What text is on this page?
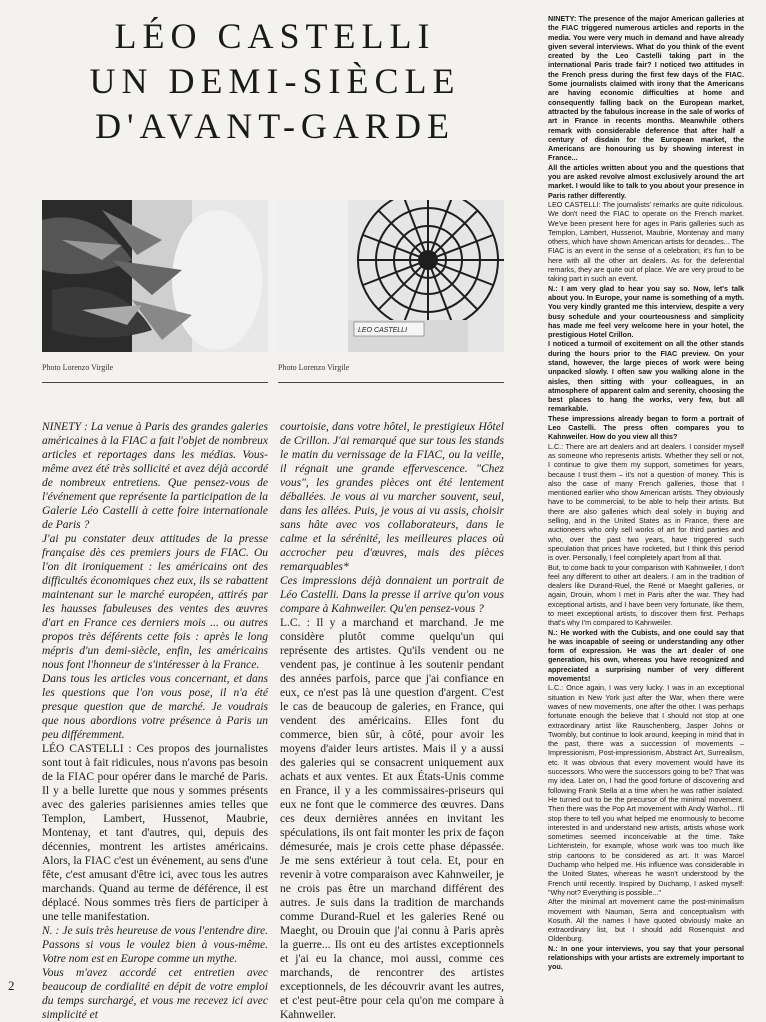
LÉO CASTELLI
UN DEMI-SIÈCLE
D'AVANT-GARDE
LEO CASTELLI
Photo Lorenzo Virgile	Photo Lorenzo Virgile

NINETY : La venue à Paris des grandes galeries américaines à la FIAC a fait l'objet de nombreux articles et reportages dans les médias. Vous-même avez été très sollicité et avez déjà accordé de nombreux entretiens. Que pensez-vous de l'événement que représente la participation de la Galerie Léo Castelli à cette foire internationale de Paris ?

J'ai pu constater deux attitudes de la presse française dès ces premiers jours de FIAC. Ou l'on dit ironiquement : les américains ont des difficultés économiques chez eux, ils se rabattent maintenant sur le marché européen, attirés par les hausses fabuleuses des ventes des œuvres d'art en France ces derniers mois ... ou autres propos très déférents cette fois : après le long mépris d'un demi-siècle, enfin, les américains nous font l'honneur de s'intéresser à la France.

Dans tous les articles vous concernant, et dans les questions que l'on vous pose, il n'a été presque question que de marché. Je voudrais que nous abordions votre présence à Paris un peu différemment.

LÉO CASTELLI : Ces propos des journalistes sont tout à fait ridicules, nous n'avons pas besoin de la FIAC pour opérer dans le marché de Paris. Il y a belle lurette que nous y sommes présents avec des galeries parisiennes amies telles que Templon, Lambert, Hussenot, Maubrie, Montenay, et tant d'autres, qui, depuis des décennies, montrent les artistes américains. Alors, la FIAC c'est un événement, au sens d'une fête, c'est amusant d'être ici, avec tous les autres marchands. Quand au terme de déférence, il est déplacé. Nous sommes très fiers de participer à une telle manifestation.

N. : Je suis très heureuse de vous l'entendre dire. Passons si vous le voulez bien à vous-même. Votre nom est en Europe comme un mythe.

Vous m'avez accordé cet entretien avec beaucoup de cordialité en dépit de votre emploi du temps surchargé, et vous me recevez ici avec simplicité et

courtoisie, dans votre hôtel, le prestigieux Hôtel de Crillon. J'ai remarqué que sur tous les stands le matin du vernissage de la FIAC, ou la veille, il régnait une grande effervescence. "Chez vous", les grandes pièces ont été lentement déballées. Je vous ai vu marcher souvent, seul, dans les allées. Puis, je vous ai vu assis, choisir sans hâte avec vos collaborateurs, dans le calme et la sérénité, les meilleures places où accrocher peu d'œuvres, mais des pièces remarquables*

Ces impressions déjà donnaient un portrait de Léo Castelli. Dans la presse il arrive qu'on vous compare à Kahnweiler. Qu'en pensez-vous ?

L.C. : Il y a marchand et marchand. Je me considère plutôt comme quelqu'un qui représente des artistes. Qu'ils vendent ou ne vendent pas, je continue à les soutenir pendant des années parfois, parce que j'ai confiance en eux, ce n'est pas là une question d'argent. C'est le cas de beaucoup de galeries, en France, qui vendent des américains. Elles font du commerce, bien sûr, à côté, pour avoir les moyens d'aider leurs artistes. Mais il y a aussi des galeries qui se consacrent uniquement aux achats et aux ventes. Et aux États-Unis comme en France, il y a les commissaires-priseurs qui eux ne font que le commerce des œuvres. Dans ces deux dernières années en invitant les spéculations, ils ont fait monter les prix de façon démesurée, mais je crois cette phase dépassée. Je me sens extérieur à tout cela. Et, pour en revenir à votre comparaison avec Kahnweiler, je ne crois pas être un marchand différent des autres. Je suis dans la tradition de marchands comme Durand-Ruel et les galeries René ou Maeght, ou Drouin que j'ai connu à Paris après la guerre... Ils ont eu des artistes exceptionnels et j'ai eu la chance, moi aussi, comme ces marchands, de rencontrer des artistes exceptionnels, de les découvrir avant les autres, et c'est peut-être pour cela qu'on me compare à Kahnweiler.

NINETY: The presence of the major American galleries at the FIAC triggered numerous articles and reports in the media. You were very much in demand and have already given several interviews. What do you think of the event created by the Leo Castelli taking part in the international Paris trade fair? I noticed two attitudes in the French press during the first few days of the FIAC. Some journalists claimed with irony that the Americans are having economic difficulties at home and consequently falling back on the European market, attracted by the fabulous increase in the sale of works of art in France in recents months. Meanwhile others remark with considerable deference that after half a century of disdain for the European market, the Americans are honouring us by showing interest in France...

All the articles written about you and the questions that you are asked revolve almost exclusively around the art market. I would like to talk to you about your presence in Paris rather differently.

LEO CASTELLI: The journalists' remarks are quite ridiculous. We don't need the FIAC to operate on the French market. We've been present here for ages in Paris galleries such as Templon, Lambert, Hussenot, Maubrie, Montenay and many others, which have shown American artists for decades... The FIAC is an event in the sense of a celebration; it's fun to be here with all the other art dealers. As for the deferential remarks, they are quite out of place. We are very proud to be taking part in such an event.

N.: I am very glad to hear you say so. Now, let's talk about you. In Europe, your name is something of a myth. You very kindly granted me this interview, despite a very busy schedule and your courteousness and simplicity has made me feel very welcome here in your hotel, the prestigious Hotel Crillon.

I noticed a turmoil of excitement on all the other stands during the hours prior to the FIAC preview. On your stand, however, the large pieces of work were being unpacked slowly. I often saw you walking alone in the aisles, then sitting with your colleagues, in an atmosphere of apparent calm and serenity, choosing the best places to hang the works, very few, but all remarkable.

These impressions already began to form a portrait of Leo Castelli. The press often compares you to Kahnweiler. How do you view all this?

L.C.: There are art dealers and art dealers. I consider myself as someone who represents artists. Whether they sell or not, I continue to give them my support, sometimes for years, because I trust them – it's not a question of money. This is also the case of many French galleries, those that I mentioned earlier who show American artists. They obviously have to be commercial, to be able to help their artists. But there are also galleries which deal solely in buying and selling, and in the United States as in France, there are auctioneers who only sell works of art for third parties and who, over the past two years, have triggered such speculation that prices have rocketed, but I think this period is over. Personally, I feel completely apart from all that.

But, to come back to your comparison with Kahnweiler, I don't feel any different to other art dealers. I am in the tradition of dealers like Durand-Ruel, the René or Maeght galleries, or again, Drouin, whom I met in Paris after the war. They had exceptional artists, and I have been very fortunate, like them, to meet exceptional artists, to discover them first. Perhaps that's why I'm compared to Kahnweiler.

N.: He worked with the Cubists, and one could say that he was incapable of seeing or understanding any other form of expression. He was the art dealer of one generation, his own, whereas you have recognized and appreciated a surprising number of very different movements!

L.C.: Once again, I was very lucky. I was in an exceptional situation in New York just after the War, when there were waves of new movements, one after the other. I was perhaps fortunate enough the believe that I should not stop at one extraordinary artist like Rauschenberg, Jasper Johns or Twombly, but continue to look around, keeping in mind that in the past, there was a succession of movements – Impressionism, Post-impressionism, Abstract Art, Surrealism, etc. It was obvious that every movement would have its successors. Who were the successors going to be? That was my idea. Later on, I had the good fortune of discovering and following Frank Stella at a time when he was rather isolated. He turned out to be the precursor of the minimal movement. Then there was the Pop Art movement with Andy Warhol... I'll stop there to tell you what helped me enormously to become interested in and understand new artists, artists whose work sometimes seemed inconceivable at the time. Take Lichtenstein, for example, whose work was too much like strip cartoons to be considered as art. It was Marcel Duchamp who helped me. His influence was considerable in the United States, whereas he wasn't understood by the French until recently. Inspired by Duchamp, I asked myself: "Why not? Everything is possible..."

After the minimal art movement came the post-minimalism movement with Nauman, Serra and conceptualism with Kosuth. All the names I have quoted obviously make an extraordinary list, but I should add Rosenquist and Oldenburg.

N.: In one your interviews, you say that your personal relationships with your artists are extremely important to you.

2
